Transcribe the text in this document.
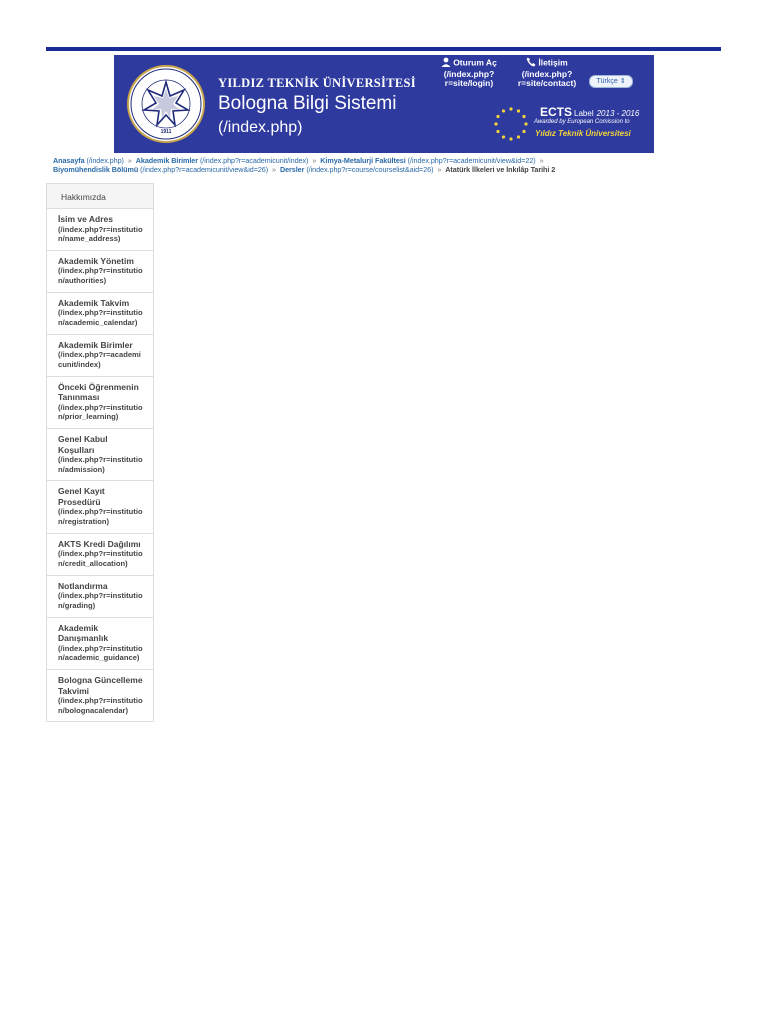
1911
YILDIZ TEKNİK ÜNİVERSİTESİ
Bologna Bilgi Sistemi
(/index.php)
Oturum Aç
(/index.php?
r=site/login)
İletişim
(/index.php?
r=site/contact)	Türkçe ⇕
ECTS Label 2013 - 2016
Awarded by European Comission to
Yıldız Teknik Üniversitesi
Anasayfa (/index.php) » Akademik Birimler (/index.php?r=academicunit/index) » Kimya-Metalurji Fakültesi (/index.php?r=academicunit/view&id=22) »
Biyomühendislik Bölümü (/index.php?r=academicunit/view&id=26) » Dersler (/index.php?r=course/courselist&aid=26) » Atatürk İlkeleri ve İnkılâp Tarihi 2
Hakkımızda
İsim ve Adres
(/index.php?r=institution/name_address)
Akademik Yönetim
(/index.php?r=institution/authorities)
Akademik Takvim
(/index.php?r=institution/academic_calendar)
Akademik Birimler
(/index.php?r=academicunit/index)
Önceki Öğrenmenin Tanınması
(/index.php?r=institution/prior_learning)
Genel Kabul Koşulları
(/index.php?r=institution/admission)
Genel Kayıt Prosedürü
(/index.php?r=institution/registration)
AKTS Kredi Dağılımı
(/index.php?r=institution/credit_allocation)
Notlandırma
(/index.php?r=institution/grading)
Akademik Danışmanlık
(/index.php?r=institution/academic_guidance)
Bologna Güncelleme Takvimi
(/index.php?r=institution/bolognacalendar)
